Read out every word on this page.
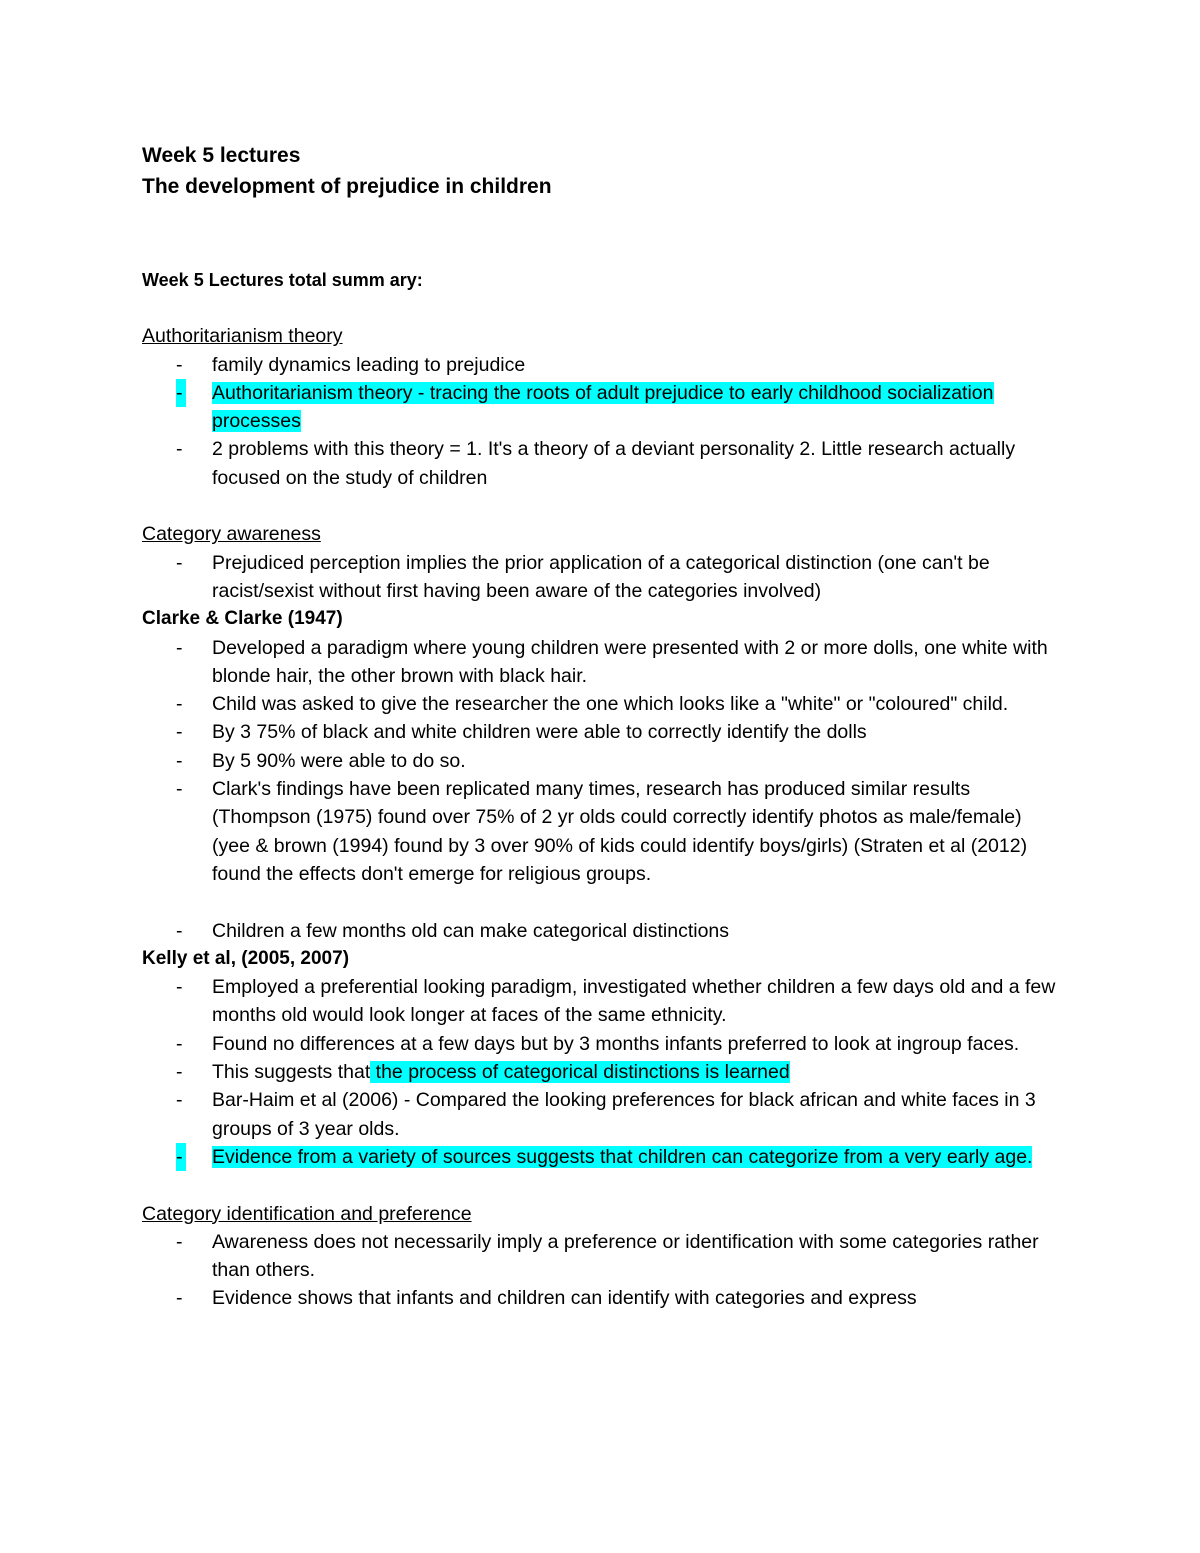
Week 5 lectures

The development of prejudice in children

Week 5 Lectures total summ ary:

Authoritarianism theory

- family dynamics leading to prejudice
- Authoritarianism theory - tracing the roots of adult prejudice to early childhood socialization processes
- 2 problems with this theory = 1. It's a theory of a deviant personality 2. Little research actually focused on the study of children

Category awareness

- Prejudiced perception implies the prior application of a categorical distinction (one can't be racist/sexist without first having been aware of the categories involved)

Clarke & Clarke (1947)

- Developed a paradigm where young children were presented with 2 or more dolls, one white with blonde hair, the other brown with black hair.
- Child was asked to give the researcher the one which looks like a "white" or "coloured" child.
- By 3 75% of black and white children were able to correctly identify the dolls
- By 5 90% were able to do so.
- Clark's findings have been replicated many times, research has produced similar results (Thompson (1975) found over 75% of 2 yr olds could correctly identify photos as male/female) (yee & brown (1994) found by 3 over 90% of kids could identify boys/girls) (Straten et al (2012) found the effects don't emerge for religious groups.
- Children a few months old can make categorical distinctions

Kelly et al, (2005, 2007)

- Employed a preferential looking paradigm, investigated whether children a few days old and a few months old would look longer at faces of the same ethnicity.
- Found no differences at a few days but by 3 months infants preferred to look at ingroup faces.
- This suggests that the process of categorical distinctions is learned
- Bar-Haim et al (2006) - Compared the looking preferences for black african and white faces in 3 groups of 3 year olds.
- Evidence from a variety of sources suggests that children can categorize from a very early age.

Category identification and preference

- Awareness does not necessarily imply a preference or identification with some categories rather than others.
- Evidence shows that infants and children can identify with categories and express
